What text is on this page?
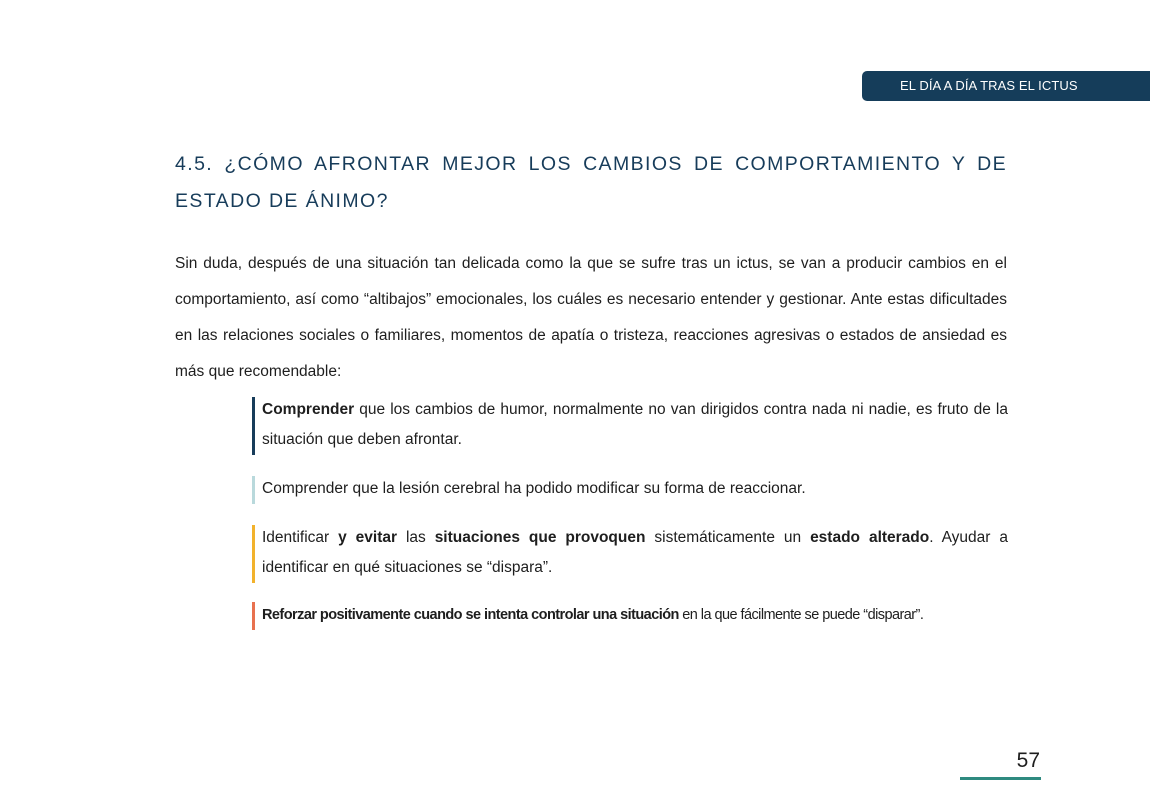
EL DÍA A DÍA TRAS EL ICTUS
4.5. ¿CÓMO AFRONTAR MEJOR LOS CAMBIOS DE COMPORTAMIENTO Y DE ESTADO DE ÁNIMO?

Sin duda, después de una situación tan delicada como la que se sufre tras un ictus, se van a producir cambios en el comportamiento, así como “altibajos” emocionales, los cuáles es necesario entender y gestionar. Ante estas dificultades en las relaciones sociales o familiares, momentos de apatía o tristeza, reacciones agresivas o estados de ansiedad es más que recomendable:

Comprender que los cambios de humor, normalmente no van dirigidos contra nada ni nadie, es fruto de la situación que deben afrontar.
Comprender que la lesión cerebral ha podido modificar su forma de reaccionar.
Identificar y evitar las situaciones que provoquen sistemáticamente un estado alterado. Ayudar a identificar en qué situaciones se “dispara”.
Reforzar positivamente cuando se intenta controlar una situación en la que fácilmente se puede “disparar”.
57
